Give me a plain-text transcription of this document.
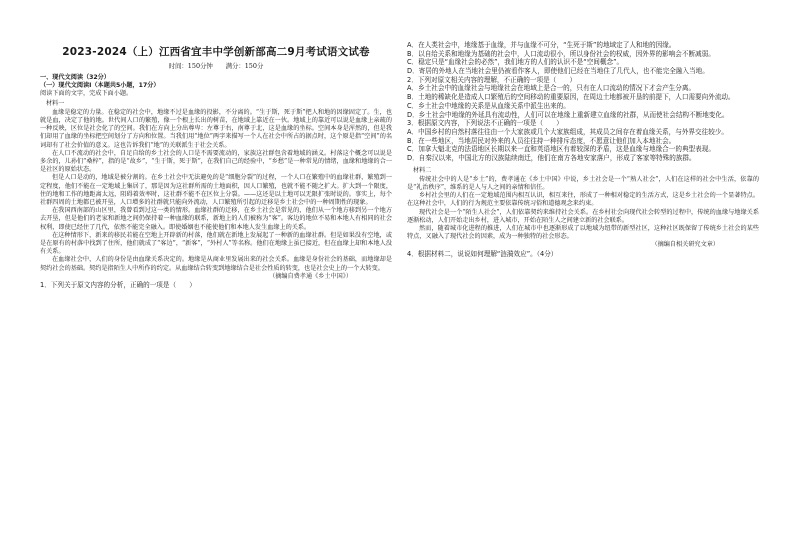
2023-2024（上）江西省宜丰中学创新部高二9月考试语文试卷
时间：150分钟　　满分：150分

一、现代文阅读（32分）

（一）现代文阅读Ⅰ（本题共5小题，17分）

阅读下面的文字，完成下面小题。

材料一

血缘是稳定的力量。在稳定的社会中，地缘不过是血缘的投影，不分离的。“生于斯，死于斯”把人和地的因缘固定了。生，也就是血，决定了他的地。世代间人口的繁殖，像一个根上长出的树苗，在地域上靠近在一伙。地域上的靠近可以说是血缘上亲疏的一种反映，区位是社会化了的空间。我们在方向上分出尊卑：左尊于右，南尊于北，这是血缘的坐标。空间本身是浑然的，但是我们却用了血缘的坐标把空间划分了方向和位置。当我们用“地位”两字来描写一个人在社会中所占的据点时，这个原是指“空间”的名词却有了社会价值的意义。这也告诉我们“地”的关联派生于社会关系。

在人口不流动的社会中，自足自给的乡土社会的人口是不需要流动的，家族这社群包含着地域的涵义。村落这个概念可以说是多余的，儿孙们“桑梓”，指的是“故乡”，“生于斯，死于斯”，在我们自己的经验中，“乡愁”是一种常见的情绪，血缘和地缘的合一是社区的原始状态。

但是人口是动的，地域是被分割的。在乡土社会中无法避免的是“细胞分裂”的过程，一个人口在繁殖中的血缘社群，繁殖到一定程度，他们不能在一定地域上集居了，那是因为这社群所需的土地面积，因人口繁殖，也就不能不随之扩大。扩大到一个限度，住的地和工作的地距离太远，阻碍着效率时，这社群不能不在区位上分裂。——这还是以土地可以无限扩张时说的。事实上，每个社群四周的土地都已被开垦，人口增多的社群就只能向外流动，人口繁殖所引起的迁移是乡土社会中的一种周期性的现象。

在我国西南部的山区里，我曾看到过这一类的情形。血缘社群的迁移，在乡土社会是常见的，他们从一个地方移到另一个地方去开垦，但是他们的老家和新地之间仍保持着一种血缘的联系，新地上的人们被称为“客”。客边的地位不易和本地人有相同的社会权利，即使已经住了几代，依然不能完全融入。即使婚姻也不能使他们和本地人发生血缘上的关系。

在这种情形下，新来的移民若能在空地上开辟新的村落，他们就在新地上发展起了一种新的血缘社群。但是如果没有空地，或是在原有的村落中找到了住所，他们就成了“客边”，“新客”，“外村人”等名称。他们在地缘上虽已接近，但在血缘上却和本地人没有关系。

在血缘社会中，人们的身份是由血缘关系决定的。地缘是从商业里发展出来的社会关系。血缘是身份社会的基础，而地缘却是契约社会的基础。契约是指陌生人中所作的约定。从血缘结合转变到地缘结合是社会性质的转变，也是社会史上的一个大转变。

（摘编自费孝通《乡土中国》）

1．下列关于原文内容的分析，正确的一项是（　　）

A．在人类社会中，地缘基于血缘，并与血缘不可分，“生死于斯”的地域定了人和地的因缘。

B．以自给关系和地缘为基础的社会中，人口流动很小，所以身份社会的权威，因外界的影响会不断减弱。

C．稳定只是“血缘社会的必然”，我们地方的人们的认识不是“空间概念”。

D．寄居的外地人在当地社会里仍被看作客人，即使他们已经在当地住了几代人，也不能完全融入当地。

2．下列对原文相关内容的理解，不正确的一项是（　　）

A．乡土社会中的血缘社会与地缘社会在地域上是合一的，只有在人口流动的情况下才会产生分离。

B．土地的稀缺化是造成人口繁殖后的空间移动的重要原因，在周边土地都被开垦的前提下，人口需要向外流动。

C．乡土社会中地缘的关系是从血缘关系中派生出来的。

D．乡土社会中地缘的外延具有流动性，人们可以在地缘上重新建立血缘的社群，从而使社会结构不断地变化。

3．根据原文内容，下列说法不正确的一项是（　　）

A．中国乡村的自然村落往往由一个大家族或几个大家族组成，其成员之间存在着血缘关系，与外界交往较少。

B．在一些地区，当地居民对外来的人员往往持一种排斥态度，不愿意让他们加入本地社会。

C．加拿大魁北克的法语地区长期以来一直和英语地区有着较深的矛盾，这是血缘与地缘合一的典型表现。

D．自秦汉以来，中国北方的汉族陆续南迁，他们在南方各地安家落户，形成了客家等特殊的族群。

材料二

传统社会中的人是“乡土”的，费孝通在《乡土中国》中说，乡土社会是一个“熟人社会”，人们在这样的社会中生活，依靠的是“礼治秩序”，维系的是人与人之间的亲情和信任。

乡村社会里的人们在一定地域范围内相互认识，相互来往，形成了一种相对稳定的生活方式，这是乡土社会的一个显著特点。在这种社会中，人们的行为规范主要依靠传统习俗和道德观念来约束。

现代社会是一个“陌生人社会”，人们依靠契约来维持社会关系。在乡村社会向现代社会转型的过程中，传统的血缘与地缘关系逐渐松动，人们开始走出乡村，进入城市，开始在陌生人之间建立新的社会联系。

然而，随着城市化进程的推进，人们在城市中也逐渐形成了以地域为纽带的新型社区，这种社区既保留了传统乡土社会的某些特点，又融入了现代社会的因素，成为一种独特的社会形态。

（摘编自相关研究文章）

4．根据材料二，说说如何理解“涟漪效应”。（4分）
